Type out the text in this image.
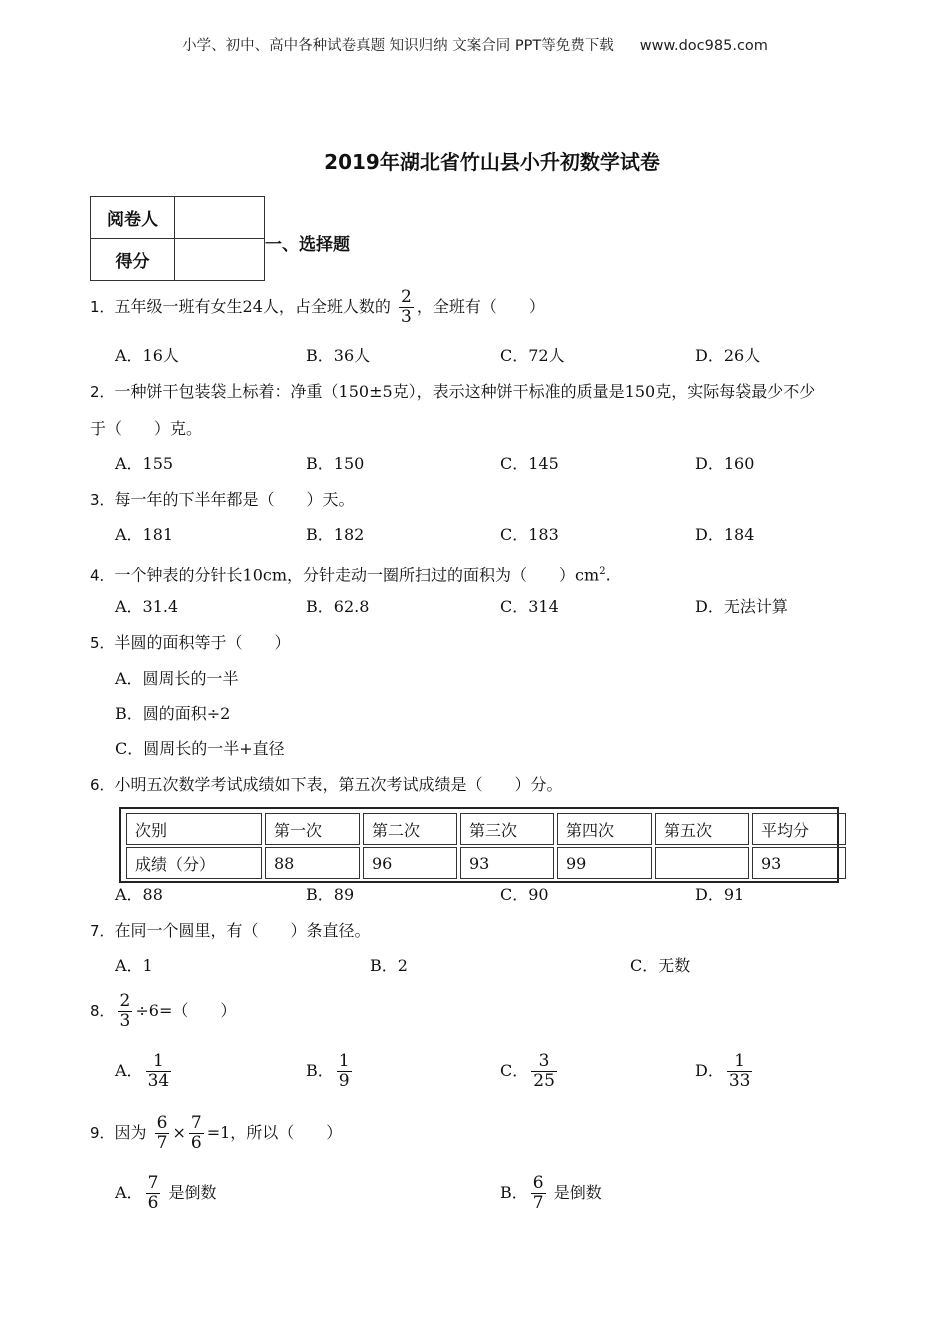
小学、初中、高中各种试卷真题 知识归纳 文案合同 PPT等免费下载 www.doc985.com
2019年湖北省竹山县小升初数学试卷
阅卷人	
得分	
一、选择题
1．五年级一班有女生24人，占全班人数的 $\frac{2}{3}$ ，全班有（　　）
A．16人	B．36人	C．72人	D．26人
2．一种饼干包装袋上标着：净重（150±5克），表示这种饼干标准的质量是150克，实际每袋最少不少
于（　　）克。
A．155	B．150	C．145	D．160
3．每一年的下半年都是（　　）天。
A．181	B．182	C．183	D．184
4．一个钟表的分针长10cm，分针走动一圈所扫过的面积为（　　）$cm^2$.
A．31.4	B．62.8	C．314	D．无法计算
5．半圆的面积等于（　　）
A．圆周长的一半
B．圆的面积÷2
C．圆周长的一半+直径
6．小明五次数学考试成绩如下表，第五次考试成绩是（　　）分。
次别	第一次	第二次	第三次	第四次	第五次	平均分
成绩（分）	88	96	93	99		93
A．88	B．89	C．90	D．91
7．在同一个圆里，有（　　）条直径。
A．1	B．2	C．无数
8． $\frac{2}{3} \div 6=$（　　）
A． $\frac{1}{34}$	B． $\frac{1}{9}$	C． $\frac{3}{25}$	D． $\frac{1}{33}$
9．因为 $\frac{6}{7} \times \frac{7}{6} =1$，所以（　　）
A． $\frac{7}{6}$ 是倒数	B． $\frac{6}{7}$ 是倒数
